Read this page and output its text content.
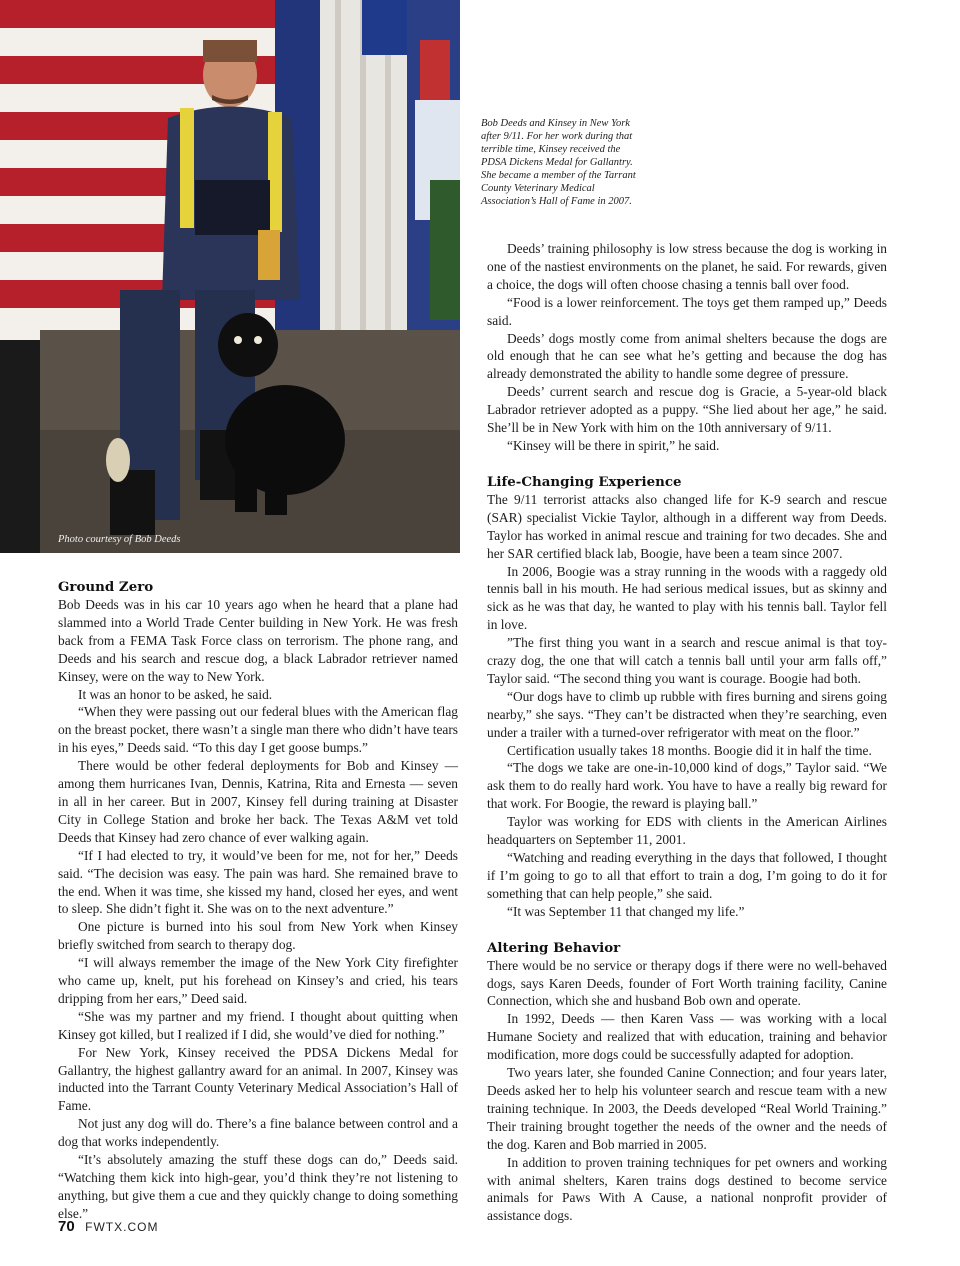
Photo courtesy of Bob Deeds
Bob Deeds and Kinsey in New York after 9/11. For her work during that terrible time, Kinsey received the PDSA Dickens Medal for Gallantry. She became a member of the Tarrant County Veterinary Medical Association’s Hall of Fame in 2007.
Ground Zero

Bob Deeds was in his car 10 years ago when he heard that a plane had slammed into a World Trade Center building in New York. He was fresh back from a FEMA Task Force class on terrorism. The phone rang, and Deeds and his search and rescue dog, a black Labrador retriever named Kinsey, were on the way to New York.

It was an honor to be asked, he said.

“When they were passing out our federal blues with the American flag on the breast pocket, there wasn’t a single man there who didn’t have tears in his eyes,” Deeds said. “To this day I get goose bumps.”

There would be other federal deployments for Bob and Kinsey — among them hurricanes Ivan, Dennis, Katrina, Rita and Ernesta — seven in all in her career. But in 2007, Kinsey fell during training at Disaster City in College Station and broke her back. The Texas A&M vet told Deeds that Kinsey had zero chance of ever walking again.

“If I had elected to try, it would’ve been for me, not for her,” Deeds said. “The decision was easy. The pain was hard. She remained brave to the end. When it was time, she kissed my hand, closed her eyes, and went to sleep. She didn’t fight it. She was on to the next adventure.”

One picture is burned into his soul from New York when Kinsey briefly switched from search to therapy dog.

“I will always remember the image of the New York City firefighter who came up, knelt, put his forehead on Kinsey’s and cried, his tears dripping from her ears,” Deed said.

“She was my partner and my friend. I thought about quitting when Kinsey got killed, but I realized if I did, she would’ve died for nothing.”

For New York, Kinsey received the PDSA Dickens Medal for Gallantry, the highest gallantry award for an animal. In 2007, Kinsey was inducted into the Tarrant County Veterinary Medical Association’s Hall of Fame.

Not just any dog will do. There’s a fine balance between control and a dog that works independently.

“It’s absolutely amazing the stuff these dogs can do,” Deeds said. “Watching them kick into high-gear, you’d think they’re not listening to anything, but give them a cue and they quickly change to doing something else.”

Deeds’ training philosophy is low stress because the dog is working in one of the nastiest environments on the planet, he said. For rewards, given a choice, the dogs will often choose chasing a tennis ball over food.

“Food is a lower reinforcement. The toys get them ramped up,” Deeds said.

Deeds’ dogs mostly come from animal shelters because the dogs are old enough that he can see what he’s getting and because the dog has already demonstrated the ability to handle some degree of pressure.

Deeds’ current search and rescue dog is Gracie, a 5-year-old black Labrador retriever adopted as a puppy. “She lied about her age,” he said. She’ll be in New York with him on the 10th anniversary of 9/11.

“Kinsey will be there in spirit,” he said.

Life-Changing Experience

The 9/11 terrorist attacks also changed life for K-9 search and rescue (SAR) specialist Vickie Taylor, although in a different way from Deeds. Taylor has worked in animal rescue and training for two decades. She and her SAR certified black lab, Boogie, have been a team since 2007.

In 2006, Boogie was a stray running in the woods with a raggedy old tennis ball in his mouth. He had serious medical issues, but as skinny and sick as he was that day, he wanted to play with his tennis ball. Taylor fell in love.

”The first thing you want in a search and rescue animal is that toy-crazy dog, the one that will catch a tennis ball until your arm falls off,” Taylor said. “The second thing you want is courage. Boogie had both.

“Our dogs have to climb up rubble with fires burning and sirens going nearby,” she says. “They can’t be distracted when they’re searching, even under a trailer with a turned-over refrigerator with meat on the floor.”

Certification usually takes 18 months. Boogie did it in half the time.

“The dogs we take are one-in-10,000 kind of dogs,” Taylor said. “We ask them to do really hard work. You have to have a really big reward for that work. For Boogie, the reward is playing ball.”

Taylor was working for EDS with clients in the American Airlines headquarters on September 11, 2001.

“Watching and reading everything in the days that followed, I thought if I’m going to go to all that effort to train a dog, I’m going to do it for something that can help people,” she said.

“It was September 11 that changed my life.”

Altering Behavior

There would be no service or therapy dogs if there were no well-behaved dogs, says Karen Deeds, founder of Fort Worth training facility, Canine Connection, which she and husband Bob own and operate.

In 1992, Deeds — then Karen Vass — was working with a local Humane Society and realized that with education, training and behavior modification, more dogs could be successfully adapted for adoption.

Two years later, she founded Canine Connection; and four years later, Deeds asked her to help his volunteer search and rescue team with a new training technique. In 2003, the Deeds developed “Real World Training.” Their training brought together the needs of the owner and the needs of the dog. Karen and Bob married in 2005.

In addition to proven training techniques for pet owners and working with animal shelters, Karen trains dogs destined to become service animals for Paws With A Cause, a national nonprofit provider of assistance dogs.

70 FWTX.COM
